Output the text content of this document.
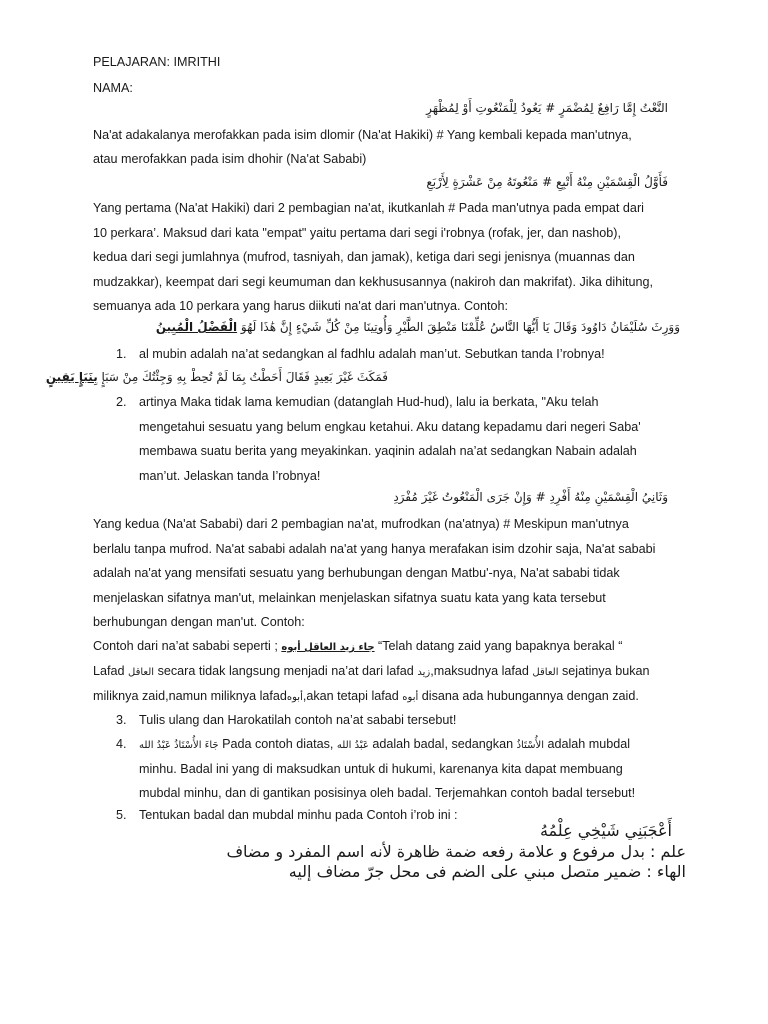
PELAJARAN: IMRITHI
NAMA:
النَّعْتُ إِمَّا رَافِعٌ لِمُضْمَرٍ # يَعُودُ لِلْمَنْعُوتِ أَوْ لِمُظْهَرٍ
Na'at adakalanya merofakkan pada isim dlomir (Na'at Hakiki) # Yang kembali kepada man'utnya,
atau merofakkan pada isim dhohir (Na'at Sababi)
فَأَوَّلُ الْقِسْمَيْنِ مِنْهُ أَتْبِعِ # مَنْعُوتَهُ مِنْ عَشْرَةٍ لِأَرْبَعِ
Yang pertama (Na'at Hakiki) dari 2 pembagian na'at, ikutkanlah # Pada man'utnya pada empat dari
10 perkara’. Maksud dari kata "empat" yaitu pertama dari segi i'robnya (rofak, jer, dan nashob),
kedua dari segi jumlahnya (mufrod, tasniyah, dan jamak), ketiga dari segi jenisnya (muannas dan
mudzakkar), keempat dari segi keumuman dan kekhususannya (nakiroh dan makrifat). Jika dihitung,
semuanya ada 10 perkara yang harus diikuti na'at dari man'utnya. Contoh:
وَوَرِثَ سُلَيْمَانُ دَاوُودَ وَقَالَ يَا أَيُّهَا النَّاسُ عُلِّمْنَا مَنْطِقَ الطَّيْرِ وَأُوتِينَا مِنْ كُلِّ شَيْءٍ إِنَّ هَٰذَا لَهُوَ الْفَضْلُ الْمُبِينُ
1. al mubin adalah na’at sedangkan al fadhlu adalah man’ut. Sebutkan tanda I’robnya!
فَمَكَثَ غَيْرَ بَعِيدٍ فَقَالَ أَحَطْتُ بِمَا لَمْ تُحِطْ بِهِ وَجِئْتُكَ مِنْ سَبَإٍ بِنَبَإٍ يَقِينٍ
2. artinya Maka tidak lama kemudian (datanglah Hud-hud), lalu ia berkata, "Aku telah
mengetahui sesuatu yang belum engkau ketahui. Aku datang kepadamu dari negeri Saba'
membawa suatu berita yang meyakinkan. yaqinin adalah na’at sedangkan Nabain adalah
man’ut. Jelaskan tanda I’robnya!
وَثَانِيُ الْقِسْمَيْنِ مِنْهُ أَفْرِدِ # وَإِنْ جَرَى الْمَنْعُوتُ غَيْرَ مُفْرَدِ
Yang kedua (Na'at Sababi) dari 2 pembagian na'at, mufrodkan (na'atnya) # Meskipun man'utnya
berlalu tanpa mufrod. Na'at sababi adalah na'at yang hanya merafakan isim dzohir saja, Na'at sababi
adalah na'at yang mensifati sesuatu yang berhubungan dengan Matbu'-nya, Na'at sababi tidak
menjelaskan sifatnya man'ut, melainkan menjelaskan sifatnya suatu kata yang kata tersebut
berhubungan dengan man'ut. Contoh:
Contoh dari na’at sababi seperti ; جاء زيد العاقل أبوه “Telah datang zaid yang bapaknya berakal “
Lafad العاقل secara tidak langsung menjadi na’at dari lafad زيد,maksudnya lafad العاقل sejatinya bukan
miliknya zaid,namun miliknya lafadأبوه,akan tetapi lafad أبوه disana ada hubungannya dengan zaid.
3. Tulis ulang dan Harokatilah contoh na’at sababi tersebut!
4. جَاءَ الأُسْتَاذُ عَبْدُ الله Pada contoh diatas, عَبْدُ الله adalah badal, sedangkan الأُسْتَاذُ adalah mubdal
minhu. Badal ini yang di maksudkan untuk di hukumi, karenanya kita dapat membuang
mubdal minhu, dan di gantikan posisinya oleh badal. Terjemahkan contoh badal tersebut!
5. Tentukan badal dan mubdal minhu pada Contoh i’rob ini :
أَعْجَبَنِي شَيْخِي عِلْمُهُ
علم : بدل مرفوع و علامة رفعه ضمة ظاهرة لأنه اسم المفرد و مضاف
الهاء : ضمير متصل مبني على الضم فى محل جرّ مضاف إليه
